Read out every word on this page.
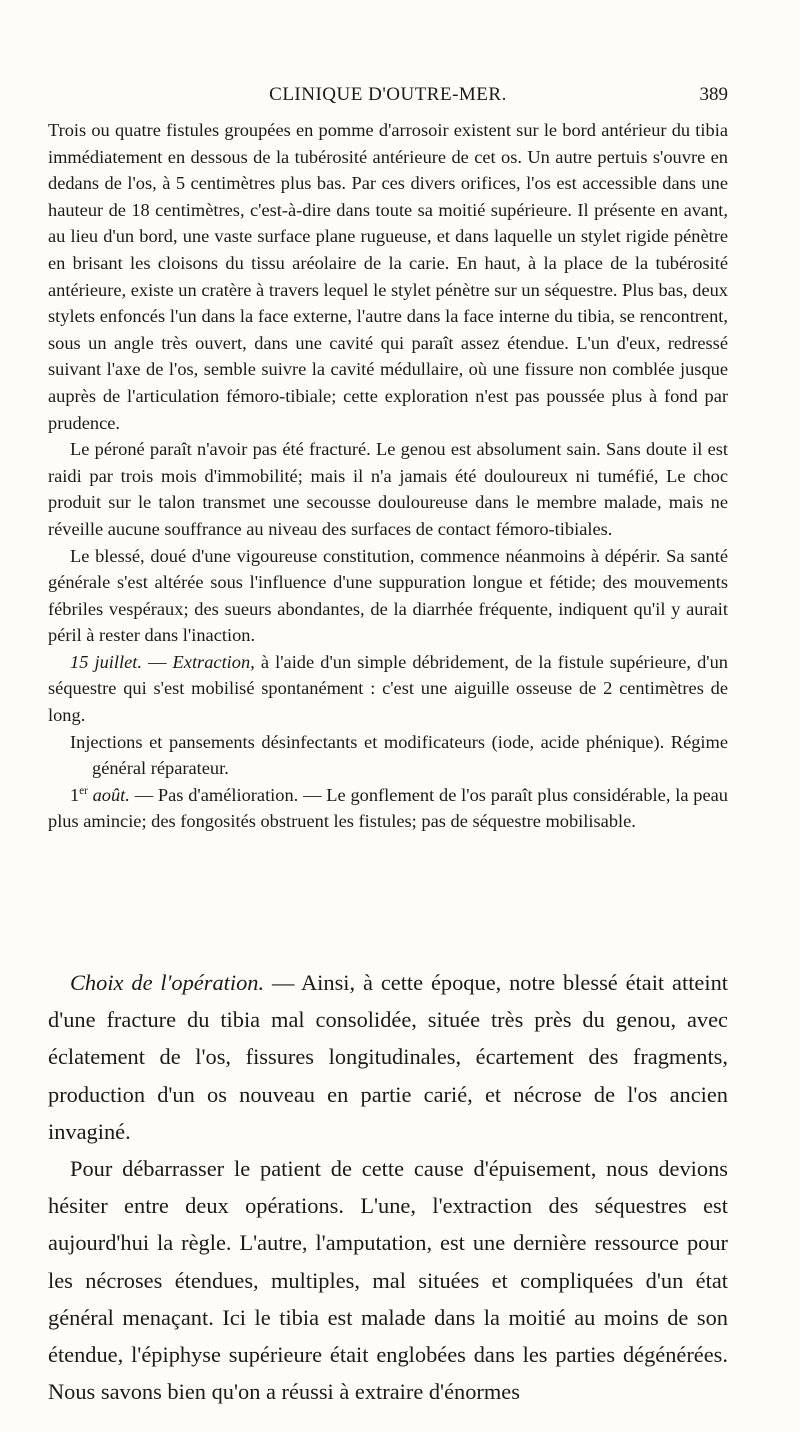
CLINIQUE D'OUTRE-MER.	389

Trois ou quatre fistules groupées en pomme d'arrosoir existent sur le bord antérieur du tibia immédiatement en dessous de la tubérosité antérieure de cet os. Un autre pertuis s'ouvre en dedans de l'os, à 5 centimètres plus bas. Par ces divers orifices, l'os est accessible dans une hauteur de 18 centimètres, c'est-à-dire dans toute sa moitié supérieure. Il présente en avant, au lieu d'un bord, une vaste surface plane rugueuse, et dans laquelle un stylet rigide pénètre en brisant les cloisons du tissu aréolaire de la carie. En haut, à la place de la tubérosité antérieure, existe un cratère à travers lequel le stylet pénètre sur un séquestre. Plus bas, deux stylets enfoncés l'un dans la face externe, l'autre dans la face interne du tibia, se rencontrent, sous un angle très ouvert, dans une cavité qui paraît assez étendue. L'un d'eux, redressé suivant l'axe de l'os, semble suivre la cavité médullaire, où une fissure non comblée jusque auprès de l'articulation fémoro-tibiale; cette exploration n'est pas poussée plus à fond par prudence.

Le péroné paraît n'avoir pas été fracturé. Le genou est absolument sain. Sans doute il est raidi par trois mois d'immobilité; mais il n'a jamais été douloureux ni tuméfié, Le choc produit sur le talon transmet une secousse douloureuse dans le membre malade, mais ne réveille aucune souffrance au niveau des surfaces de contact fémoro-tibiales.

Le blessé, doué d'une vigoureuse constitution, commence néanmoins à dépérir. Sa santé générale s'est altérée sous l'influence d'une suppuration longue et fétide; des mouvements fébriles vespéraux; des sueurs abondantes, de la diarrhée fréquente, indiquent qu'il y aurait péril à rester dans l'inaction.

15 juillet. — Extraction, à l'aide d'un simple débridement, de la fistule supérieure, d'un séquestre qui s'est mobilisé spontanément : c'est une aiguille osseuse de 2 centimètres de long.

Injections et pansements désinfectants et modificateurs (iode, acide phénique). Régime général réparateur.

1er août. — Pas d'amélioration. — Le gonflement de l'os paraît plus considérable, la peau plus amincie; des fongosités obstruent les fistules; pas de séquestre mobilisable.

Choix de l'opération. — Ainsi, à cette époque, notre blessé était atteint d'une fracture du tibia mal consolidée, située très près du genou, avec éclatement de l'os, fissures longitudinales, écartement des fragments, production d'un os nouveau en partie carié, et nécrose de l'os ancien invaginé.

Pour débarrasser le patient de cette cause d'épuisement, nous devions hésiter entre deux opérations. L'une, l'extraction des séquestres est aujourd'hui la règle. L'autre, l'amputation, est une dernière ressource pour les nécroses étendues, multiples, mal situées et compliquées d'un état général menaçant. Ici le tibia est malade dans la moitié au moins de son étendue, l'épiphyse supérieure était englobées dans les parties dégénérées. Nous savons bien qu'on a réussi à extraire d'énormes
